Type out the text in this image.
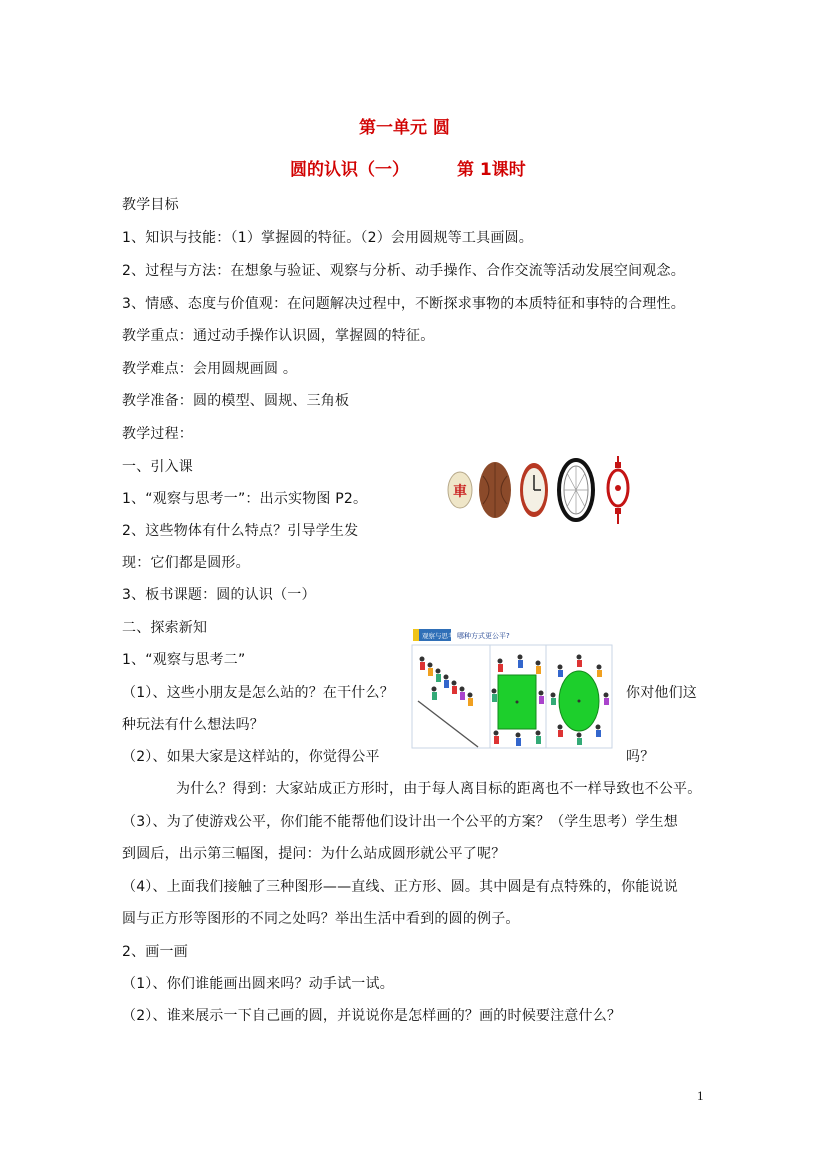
第一单元 圆
圆的认识（一）	第 1课时
教学目标
1、知识与技能：（1）掌握圆的特征。（2）会用圆规等工具画圆。
2、过程与方法：在想象与验证、观察与分析、动手操作、合作交流等活动发展空间观念。
3、情感、态度与价值观：在问题解决过程中，不断探求事物的本质特征和事特的合理性。
教学重点：通过动手操作认识圆，掌握圆的特征。
教学难点：会用圆规画圆 。
教学准备：圆的模型、圆规、三角板
教学过程：
一、引入课
1、“观察与思考一”：出示实物图 P2。
2、这些物体有什么特点？引导学生发
现：它们都是圆形。
3、板书课题：圆的认识（一）
二、探索新知
1、“观察与思考二”
（1）、这些小朋友是怎么站的？在干什么？	你对他们这
种玩法有什么想法吗？
（2）、如果大家是这样站的，你觉得公平	吗？
为什么？得到：大家站成正方形时，由于每人离目标的距离也不一样导致也不公平。
（3）、为了使游戏公平，你们能不能帮他们设计出一个公平的方案？（学生思考）学生想
到圆后，出示第三幅图，提问：为什么站成圆形就公平了呢？
（4）、上面我们接触了三种图形——直线、正方形、圆。其中圆是有点特殊的，你能说说
圆与正方形等图形的不同之处吗？举出生活中看到的圆的例子。
2、画一画
（1）、你们谁能画出圆来吗？动手试一试。
（2）、谁来展示一下自己画的圆，并说说你是怎样画的？画的时候要注意什么？
車
观察与思考二
哪种方式更公平?
1
